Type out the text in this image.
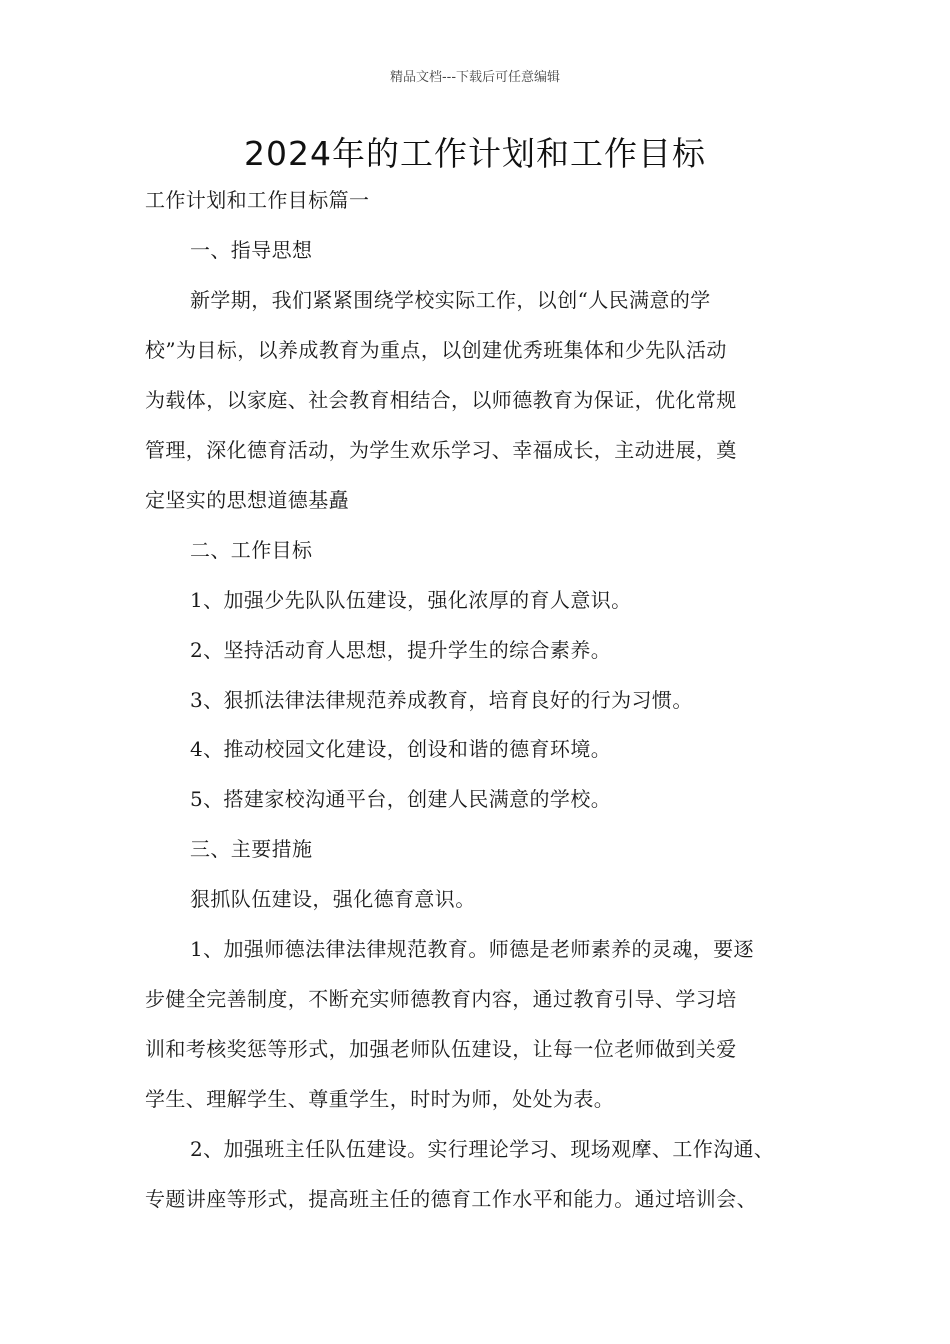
精品文档---下载后可任意编辑
2024年的工作计划和工作目标
工作计划和工作目标篇一
一、指导思想
新学期，我们紧紧围绕学校实际工作，以创“人民满意的学
校”为目标，以养成教育为重点，以创建优秀班集体和少先队活动
为载体，以家庭、社会教育相结合，以师德教育为保证，优化常规
管理，深化德育活动，为学生欢乐学习、幸福成长，主动进展，奠
定坚实的思想道德基矗
二、工作目标
1、加强少先队队伍建设，强化浓厚的育人意识。
2、坚持活动育人思想，提升学生的综合素养。
3、狠抓法律法律规范养成教育，培育良好的行为习惯。
4、推动校园文化建设，创设和谐的德育环境。
5、搭建家校沟通平台，创建人民满意的学校。
三、主要措施
狠抓队伍建设，强化德育意识。
1、加强师德法律法律规范教育。师德是老师素养的灵魂，要逐
步健全完善制度，不断充实师德教育内容，通过教育引导、学习培
训和考核奖惩等形式，加强老师队伍建设，让每一位老师做到关爱
学生、理解学生、尊重学生，时时为师，处处为表。
2、加强班主任队伍建设。实行理论学习、现场观摩、工作沟通、
专题讲座等形式，提高班主任的德育工作水平和能力。通过培训会、
